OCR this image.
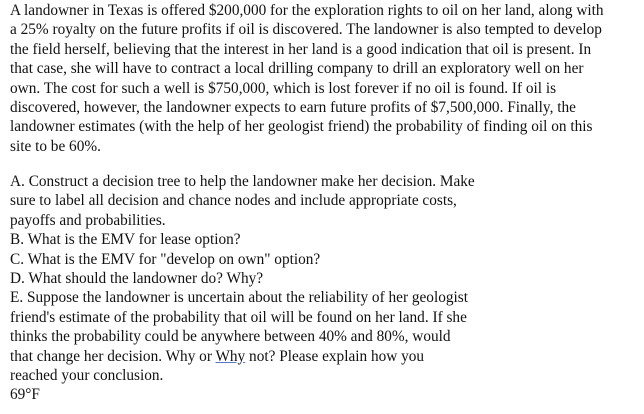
A landowner in Texas is offered $200,000 for the exploration rights to oil on her land, along with
a 25% royalty on the future profits if oil is discovered. The landowner is also tempted to develop
the field herself, believing that the interest in her land is a good indication that oil is present. In
that case, she will have to contract a local drilling company to drill an exploratory well on her
own. The cost for such a well is $750,000, which is lost forever if no oil is found. If oil is
discovered, however, the landowner expects to earn future profits of $7,500,000. Finally, the
landowner estimates (with the help of her geologist friend) the probability of finding oil on this
site to be 60%.
A. Construct a decision tree to help the landowner make her decision. Make
sure to label all decision and chance nodes and include appropriate costs,
payoffs and probabilities.
B. What is the EMV for lease option?
C. What is the EMV for "develop on own" option?
D. What should the landowner do? Why?
E. Suppose the landowner is uncertain about the reliability of her geologist
friend's estimate of the probability that oil will be found on her land. If she
thinks the probability could be anywhere between 40% and 80%, would
that change her decision. Why or Why not? Please explain how you
reached your conclusion.
69°F
